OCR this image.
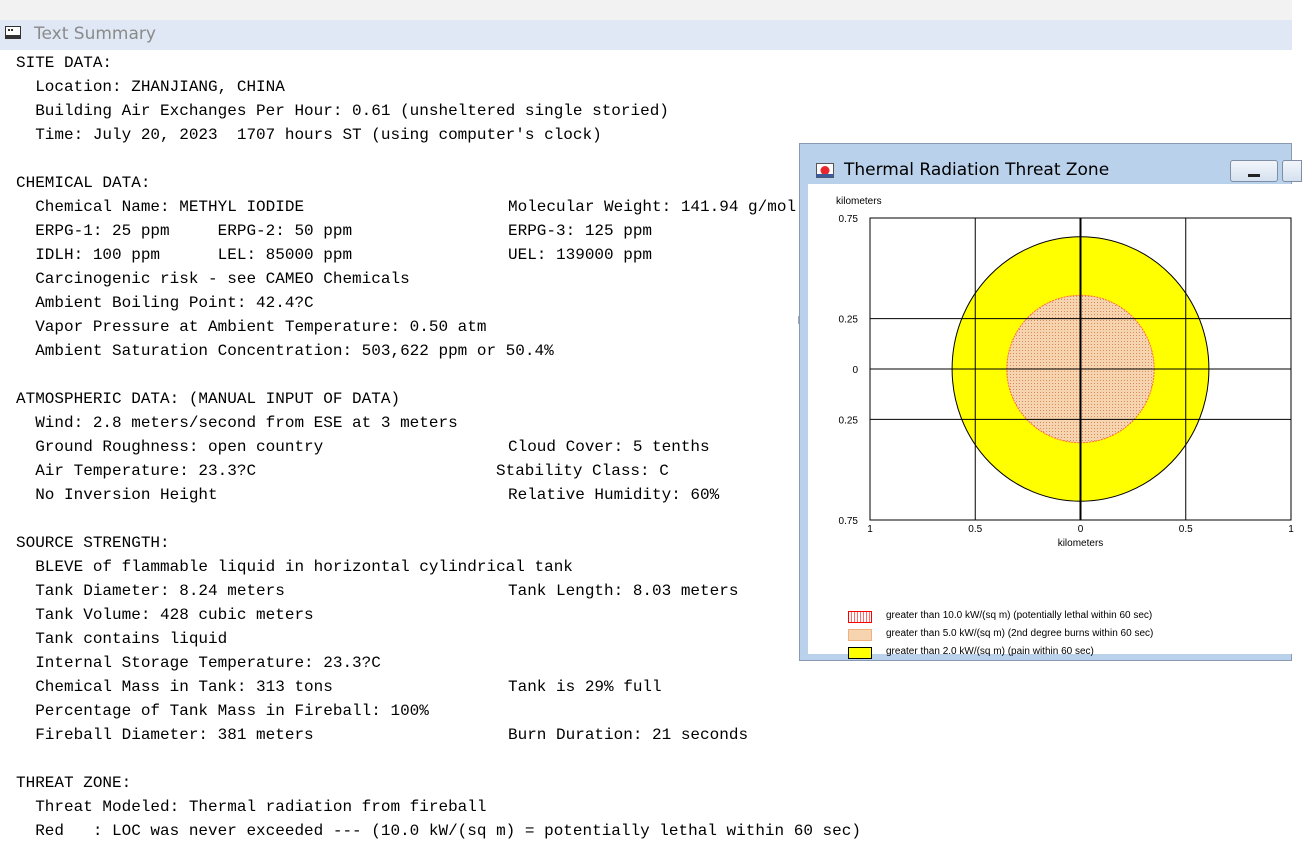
Text Summary
SITE DATA:
Location: ZHANJIANG, CHINA
Building Air Exchanges Per Hour: 0.61 (unsheltered single storied)
Time: July 20, 2023  1707 hours ST (using computer's clock)
CHEMICAL DATA:
Chemical Name: METHYL IODIDE	Molecular Weight: 141.94 g/mol
ERPG-1: 25 ppm     ERPG-2: 50 ppm	ERPG-3: 125 ppm
IDLH: 100 ppm      LEL: 85000 ppm	UEL: 139000 ppm
Carcinogenic risk - see CAMEO Chemicals
Ambient Boiling Point: 42.4?C
Vapor Pressure at Ambient Temperature: 0.50 atm
Ambient Saturation Concentration: 503,622 ppm or 50.4%
ATMOSPHERIC DATA: (MANUAL INPUT OF DATA)
Wind: 2.8 meters/second from ESE at 3 meters
Ground Roughness: open country	Cloud Cover: 5 tenths
Air Temperature: 23.3?C	Stability Class: C
No Inversion Height	Relative Humidity: 60%
SOURCE STRENGTH:
BLEVE of flammable liquid in horizontal cylindrical tank
Tank Diameter: 8.24 meters	Tank Length: 8.03 meters
Tank Volume: 428 cubic meters
Tank contains liquid
Internal Storage Temperature: 23.3?C
Chemical Mass in Tank: 313 tons	Tank is 29% full
Percentage of Tank Mass in Fireball: 100%
Fireball Diameter: 381 meters	Burn Duration: 21 seconds
THREAT ZONE:
Threat Modeled: Thermal radiation from fireball
Red   : LOC was never exceeded --- (10.0 kW/(sq m) = potentially lethal within 60 sec)
Thermal Radiation Threat Zone
0.75
0.25
0
0.25
0.75
1	0.5	0	0.5	1
kilometers
kilometers
greater than 10.0 kW/(sq m) (potentially lethal within 60 sec)
greater than 5.0 kW/(sq m) (2nd degree burns within 60 sec)
greater than 2.0 kW/(sq m) (pain within 60 sec)
